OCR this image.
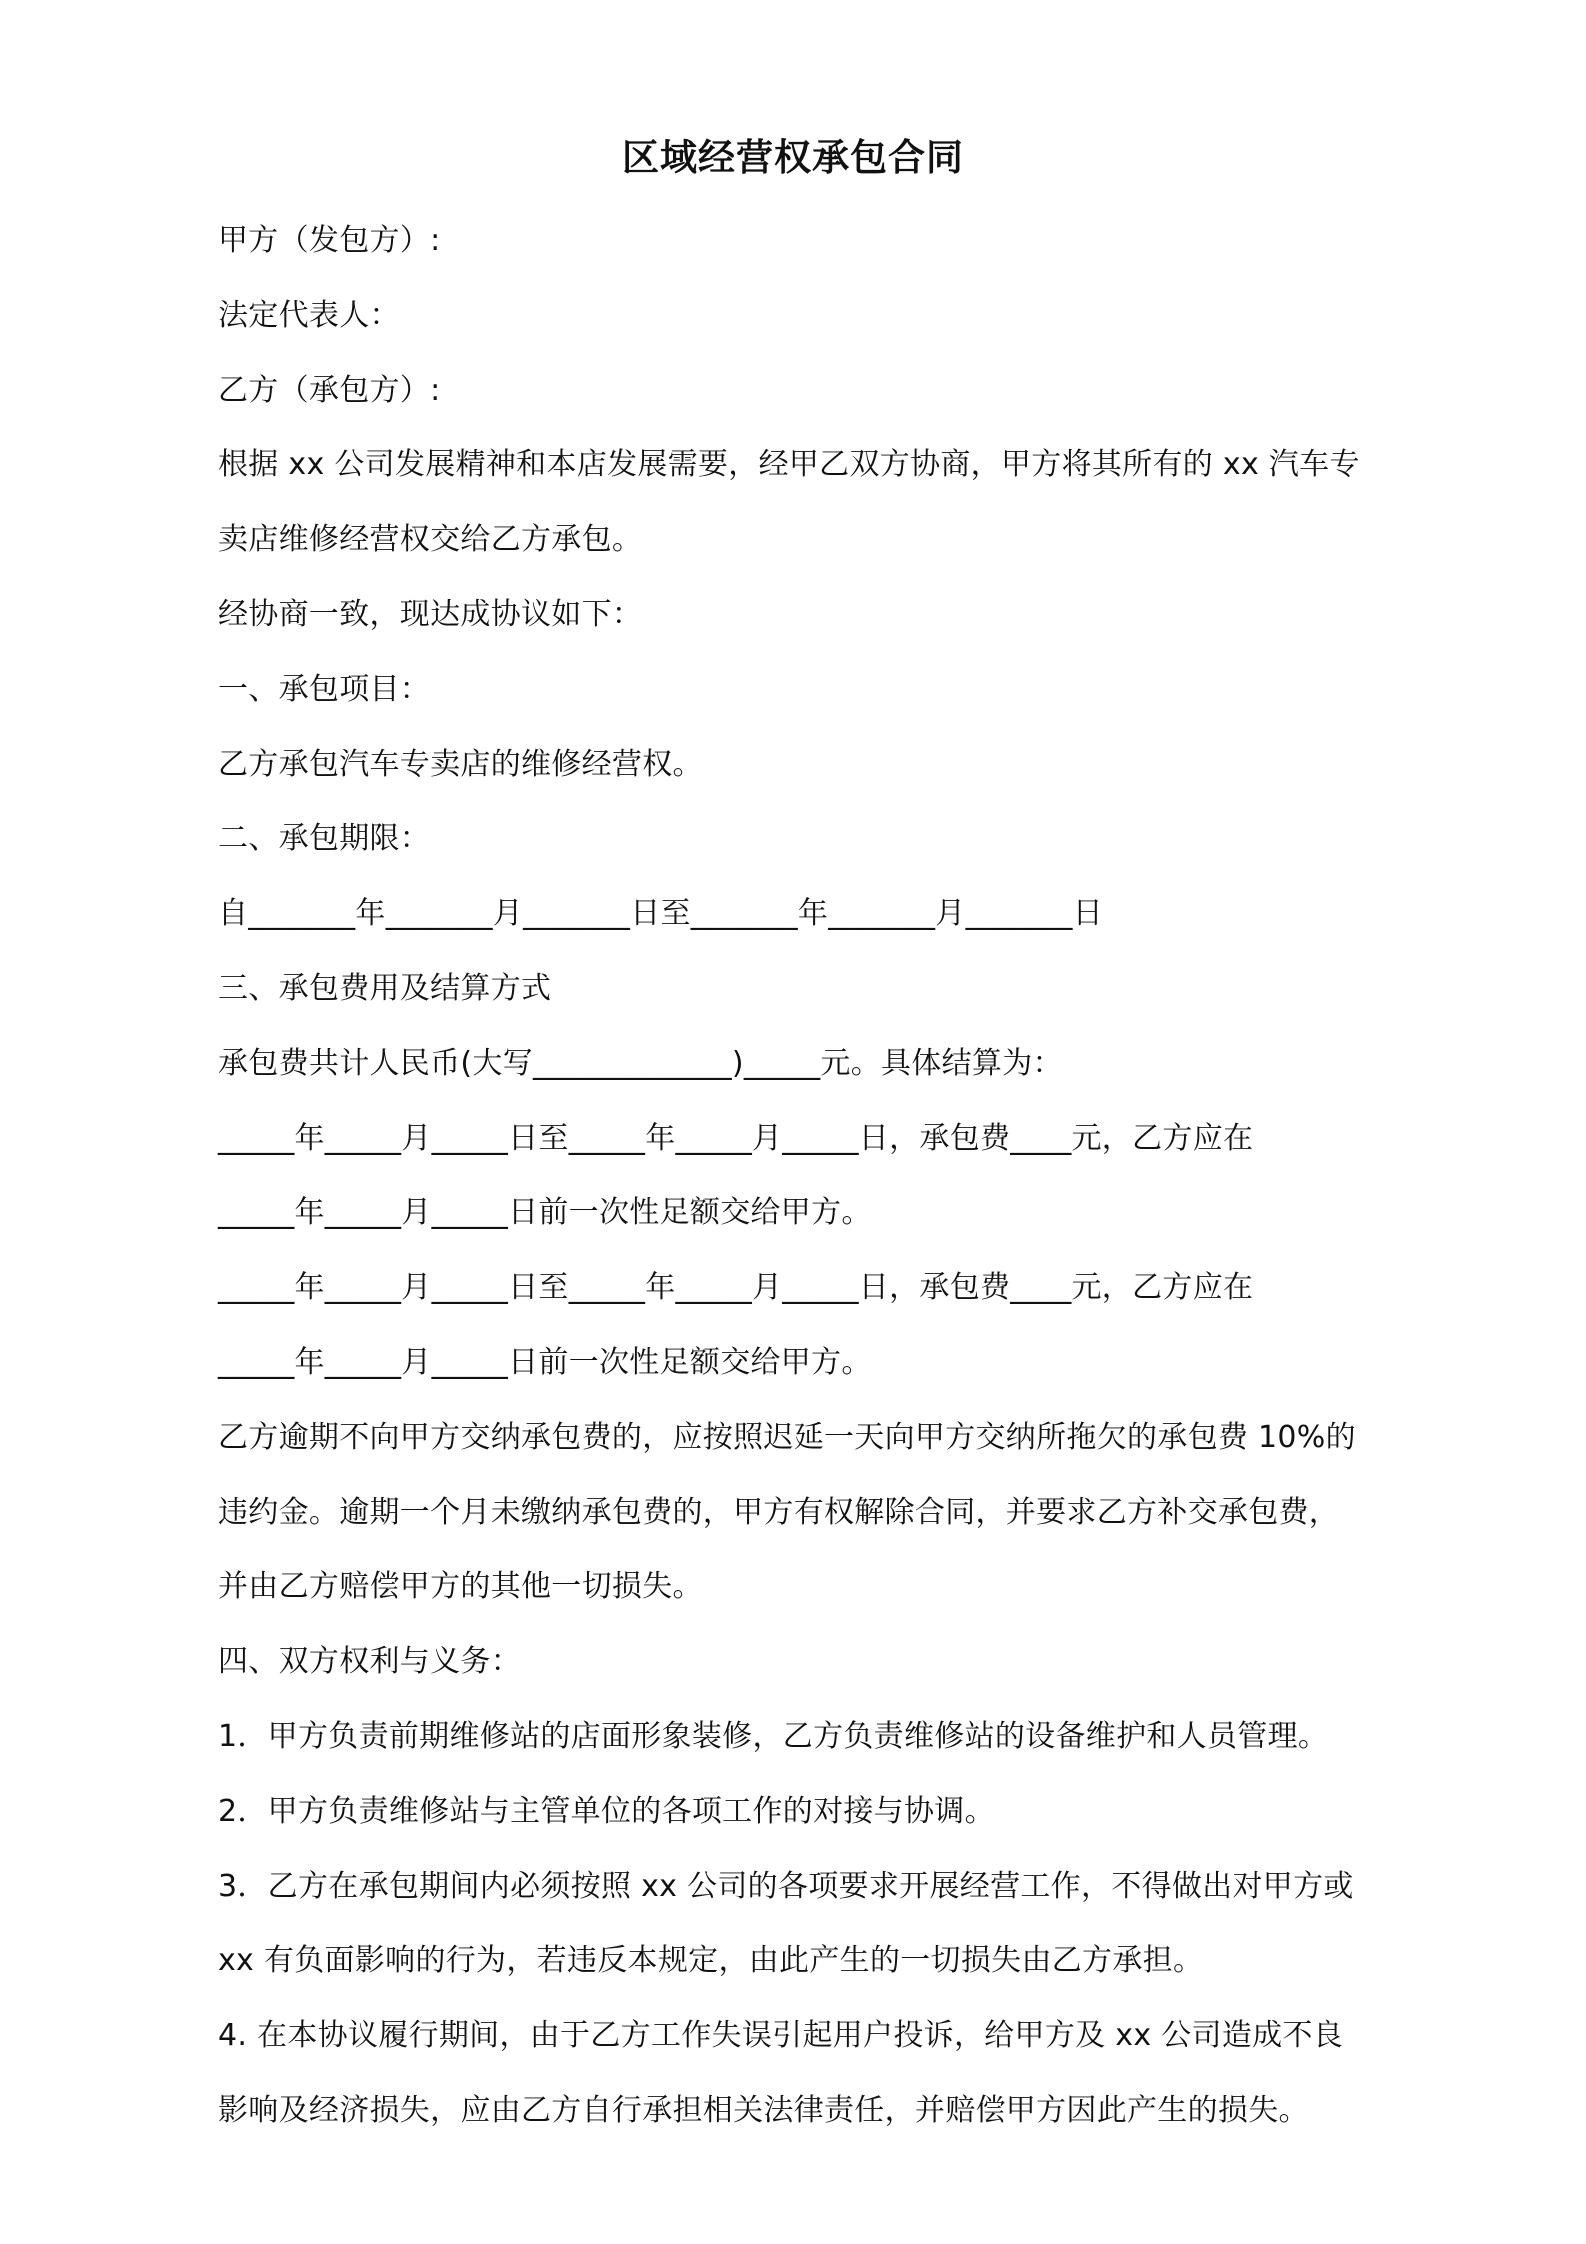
区域经营权承包合同
甲方（发包方）:
法定代表人：
乙方（承包方）:
根据 xx 公司发展精神和本店发展需要，经甲乙双方协商，甲方将其所有的 xx 汽车专
卖店维修经营权交给乙方承包。
经协商一致，现达成协议如下：
一、承包项目：
乙方承包汽车专卖店的维修经营权。
二、承包期限：
自_______年_______月_______日至_______年_______月_______日
三、承包费用及结算方式
承包费共计人民币(大写_____________)_____元。具体结算为：
_____年_____月_____日至_____年_____月_____日，承包费____元，乙方应在
_____年_____月_____日前一次性足额交给甲方。
_____年_____月_____日至_____年_____月_____日，承包费____元，乙方应在
_____年_____月_____日前一次性足额交给甲方。
乙方逾期不向甲方交纳承包费的，应按照迟延一天向甲方交纳所拖欠的承包费 10%的
违约金。逾期一个月未缴纳承包费的，甲方有权解除合同，并要求乙方补交承包费，
并由乙方赔偿甲方的其他一切损失。
四、双方权利与义务：
1．甲方负责前期维修站的店面形象装修，乙方负责维修站的设备维护和人员管理。
2．甲方负责维修站与主管单位的各项工作的对接与协调。
3．乙方在承包期间内必须按照 xx 公司的各项要求开展经营工作，不得做出对甲方或
xx 有负面影响的行为，若违反本规定，由此产生的一切损失由乙方承担。
4. 在本协议履行期间，由于乙方工作失误引起用户投诉，给甲方及 xx 公司造成不良
影响及经济损失，应由乙方自行承担相关法律责任，并赔偿甲方因此产生的损失。
